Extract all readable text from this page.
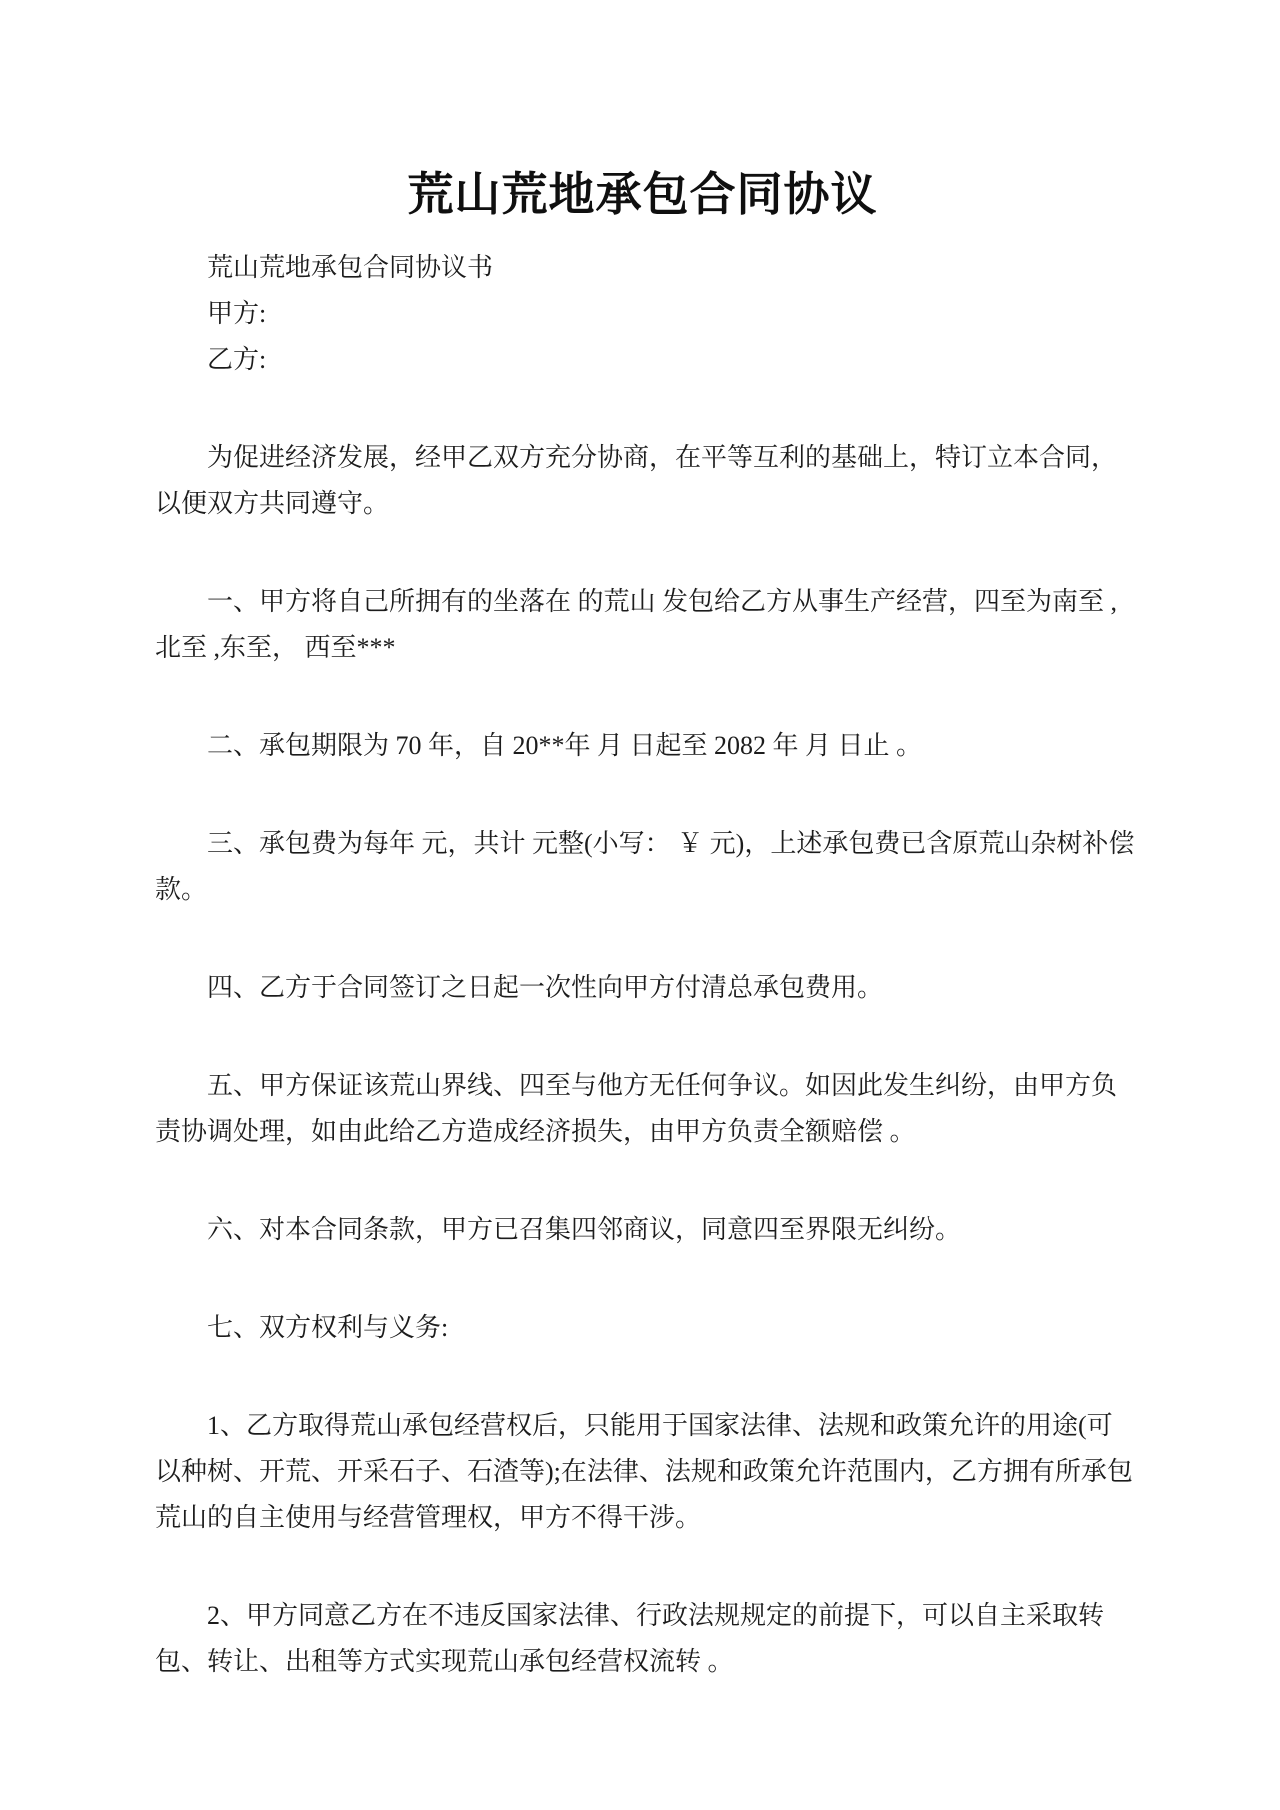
荒山荒地承包合同协议

荒山荒地承包合同协议书

甲方:

乙方:

为促进经济发展，经甲乙双方充分协商，在平等互利的基础上，特订立本合同，
以便双方共同遵守。

一、甲方将自己所拥有的坐落在 的荒山 发包给乙方从事生产经营，四至为南至 ,
北至 ,东至， 西至***

二、承包期限为 70 年，自 20**年 月 日起至 2082 年 月 日止 。

三、承包费为每年 元，共计 元整(小写： ￥ 元)，上述承包费已含原荒山杂树补偿
款。

四、乙方于合同签订之日起一次性向甲方付清总承包费用。

五、甲方保证该荒山界线、四至与他方无任何争议。如因此发生纠纷，由甲方负
责协调处理，如由此给乙方造成经济损失，由甲方负责全额赔偿 。

六、对本合同条款，甲方已召集四邻商议，同意四至界限无纠纷。

七、双方权利与义务:

1、乙方取得荒山承包经营权后，只能用于国家法律、法规和政策允许的用途(可
以种树、开荒、开采石子、石渣等);在法律、法规和政策允许范围内，乙方拥有所承包
荒山的自主使用与经营管理权，甲方不得干涉。

2、甲方同意乙方在不违反国家法律、行政法规规定的前提下，可以自主采取转
包、转让、出租等方式实现荒山承包经营权流转 。
